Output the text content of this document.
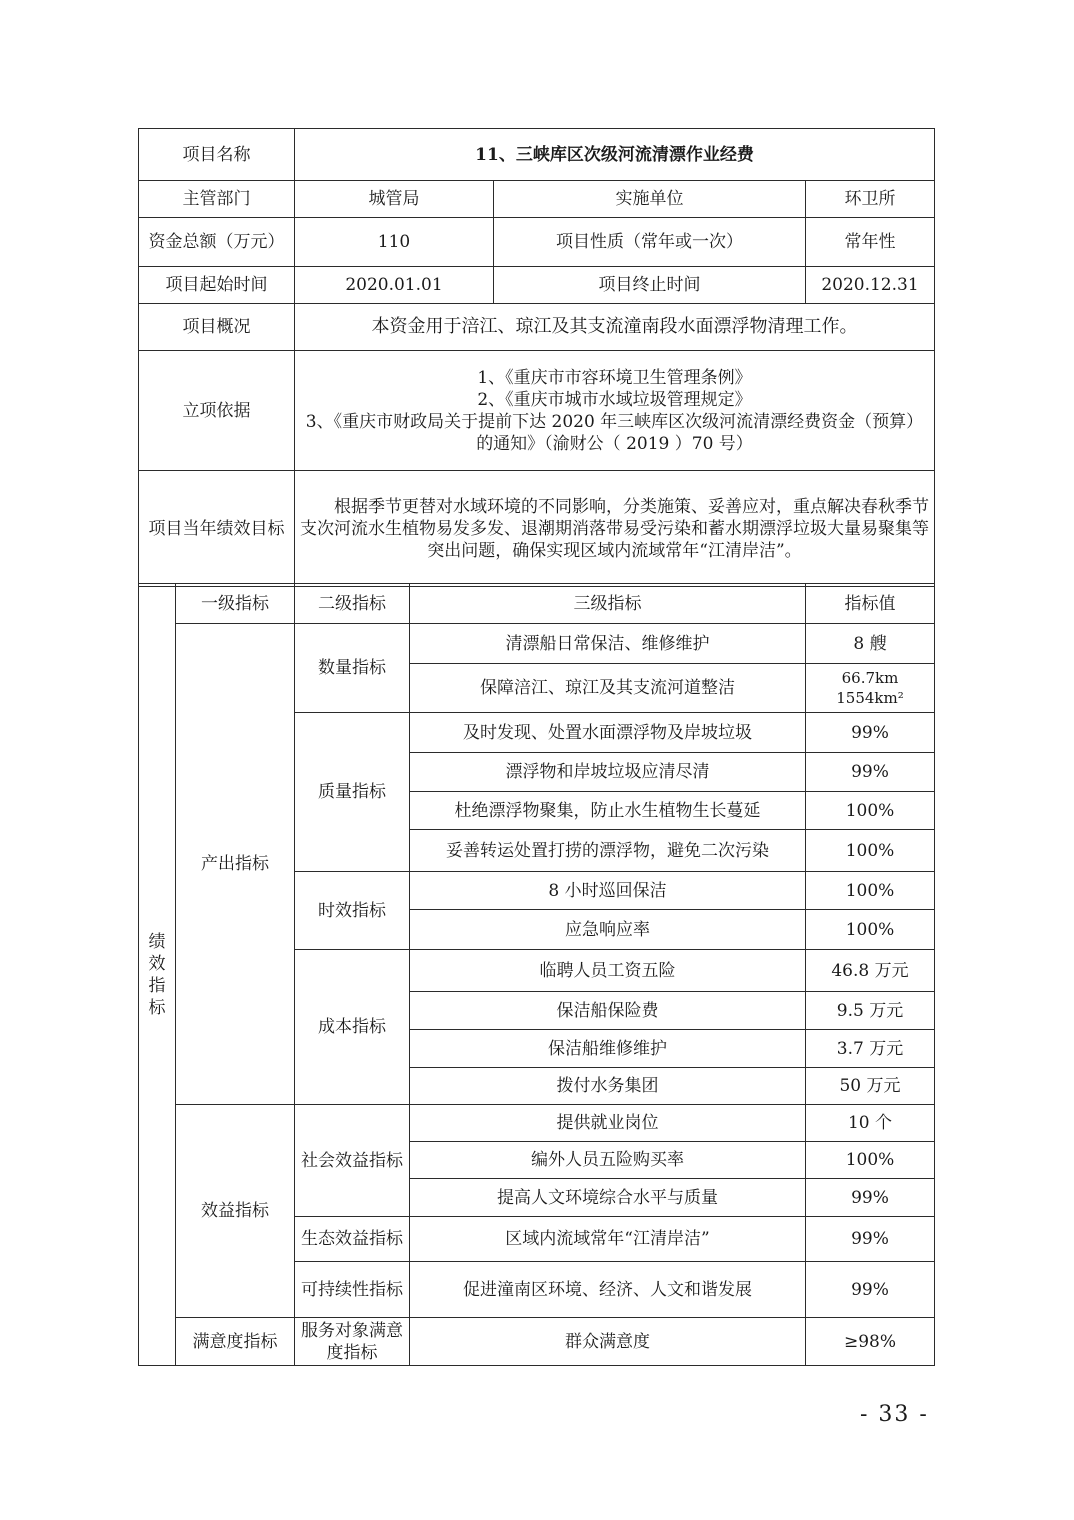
项目名称	11、三峡库区次级河流清漂作业经费	
主管部门	城管局 实施单位	环卫所
资金总额（万元）	110 项目性质（常年或一次）	常年性
项目起始时间	2020.01.01 项目终止时间	2020.12.31
项目概况	本资金用于涪江、琼江及其支流潼南段水面漂浮物清理工作。	
立项依据	1、《重庆市市容环境卫生管理条例》
2、《重庆市城市水域垃圾管理规定》
3、《重庆市财政局关于提前下达 2020 年三峡库区次级河流清漂经费资金（预算）的通知》（渝财公（ 2019 ）70 号）	

项目当年绩效目标	根据季节更替对水域环境的不同影响，分类施策、妥善应对，重点解决春秋季节支次河流水生植物易发多发、退潮期消落带易受污染和蓄水期漂浮垃圾大量易聚集等突出问题，确保实现区域内流域常年“江清岸洁”。	
绩效指标	一级指标	二级指标	三级指标	指标值
	产出指标	数量指标	清漂船日常保洁、维修维护	8 艘
			保障涪江、琼江及其支流河道整洁	66.7km
1554km²

		质量指标	及时发现、处置水面漂浮物及岸坡垃圾	99%
			漂浮物和岸坡垃圾应清尽清	99%
			杜绝漂浮物聚集，防止水生植物生长蔓延	100%
			妥善转运处置打捞的漂浮物，避免二次污染	100%
		时效指标	8 小时巡回保洁	100%
			应急响应率	100%
		成本指标	临聘人员工资五险	46.8 万元
			保洁船保险费	9.5 万元
			保洁船维修维护	3.7 万元
			拨付水务集团	50 万元
	效益指标	社会效益指标	提供就业岗位	10 个
			编外人员五险购买率	100%
			提高人文环境综合水平与质量	99%
		生态效益指标	区域内流域常年“江清岸洁”	99%
		可持续性指标	促进潼南区环境、经济、人文和谐发展	99%
	满意度指标	服务对象满意度指标	群众满意度	≥98%
- 33 -
